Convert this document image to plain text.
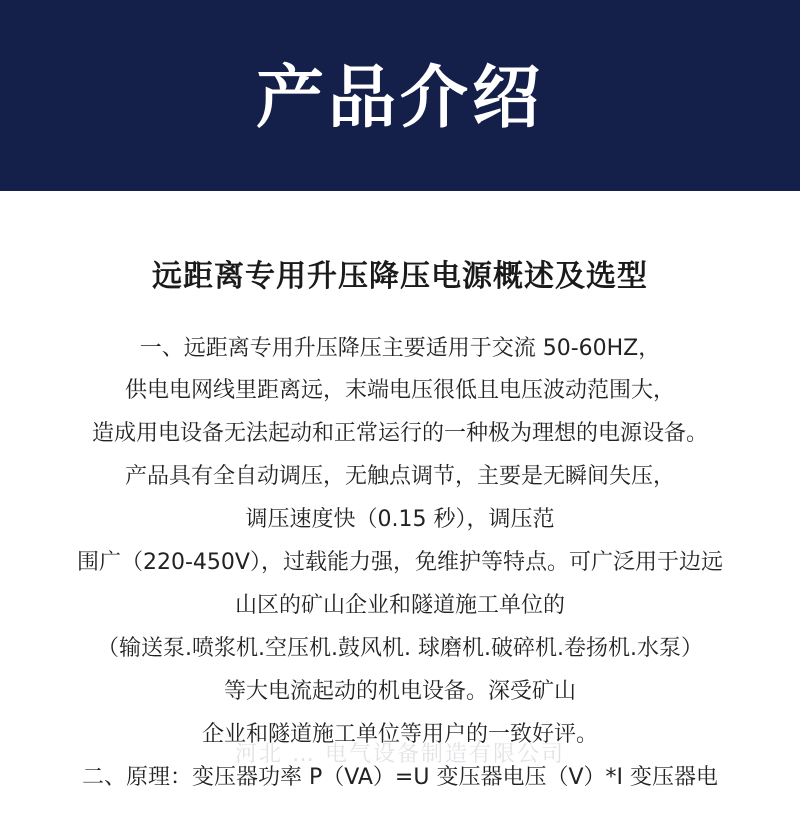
产品介绍
远距离专用升压降压电源概述及选型
一、远距离专用升压降压主要适用于交流 50-60HZ，
供电电网线里距离远，末端电压很低且电压波动范围大，
造成用电设备无法起动和正常运行的一种极为理想的电源设备。
产品具有全自动调压，无触点调节，主要是无瞬间失压，
调压速度快（0.15 秒），调压范
围广（220-450V），过载能力强，免维护等特点。可广泛用于边远
山区的矿山企业和隧道施工单位的
（输送泵.喷浆机.空压机.鼓风机. 球磨机.破碎机.卷扬机.水泵）
等大电流起动的机电设备。深受矿山
企业和隧道施工单位等用户的一致好评。
河北 … 电气设备制造有限公司
二、原理：变压器功率 P（VA）=U 变压器电压（V）*I 变压器电
